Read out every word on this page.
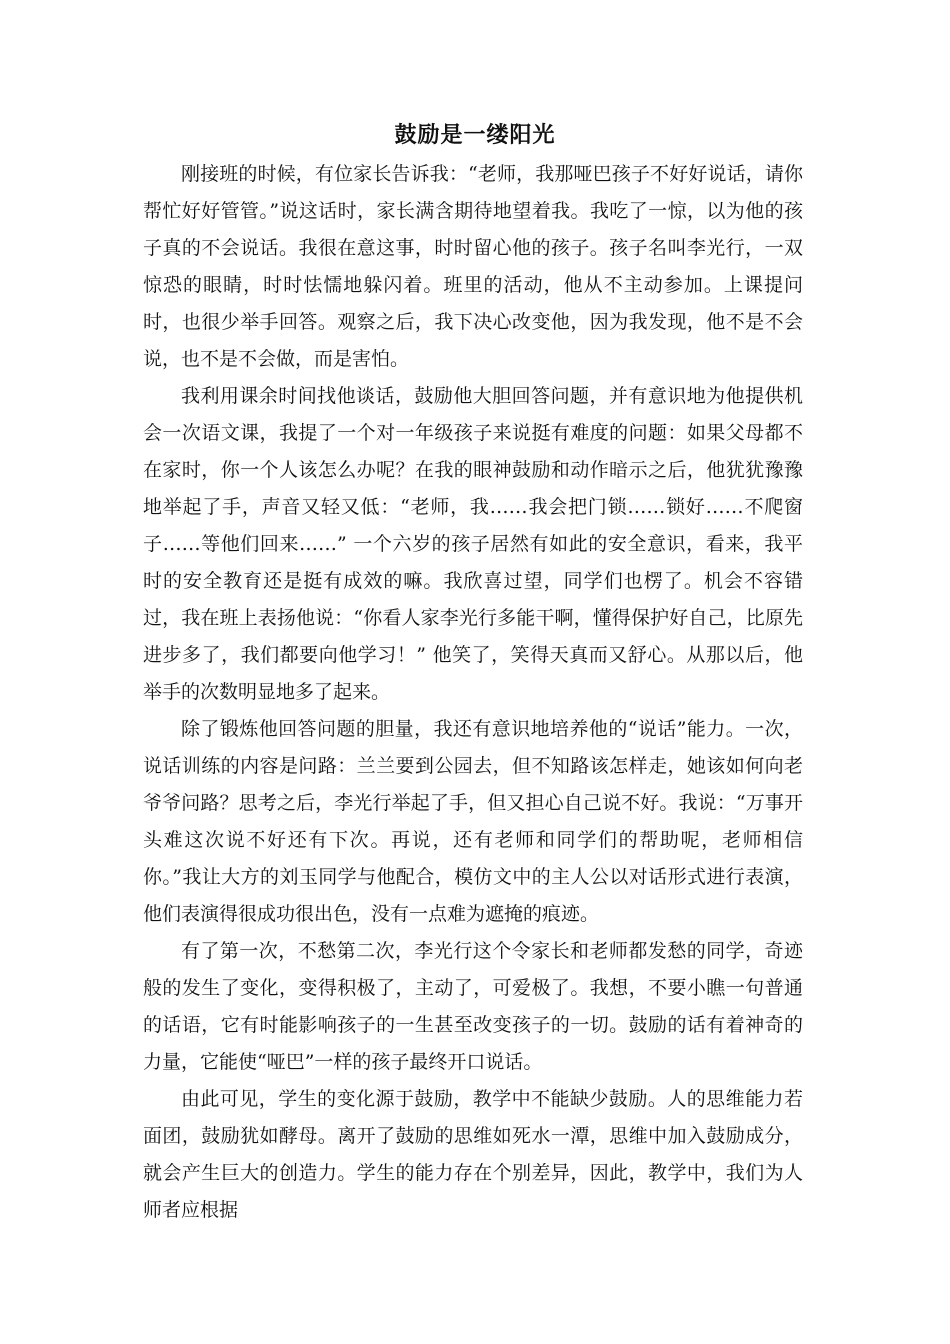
鼓励是一缕阳光

刚接班的时候，有位家长告诉我：“老师，我那哑巴孩子不好好说话，请你帮忙好好管管。”说这话时，家长满含期待地望着我。我吃了一惊，以为他的孩子真的不会说话。我很在意这事，时时留心他的孩子。孩子名叫李光行，一双惊恐的眼睛，时时怯懦地躲闪着。班里的活动，他从不主动参加。上课提问时，也很少举手回答。观察之后，我下决心改变他，因为我发现，他不是不会说，也不是不会做，而是害怕。

我利用课余时间找他谈话，鼓励他大胆回答问题，并有意识地为他提供机会一次语文课，我提了一个对一年级孩子来说挺有难度的问题：如果父母都不在家时，你一个人该怎么办呢？在我的眼神鼓励和动作暗示之后，他犹犹豫豫地举起了手，声音又轻又低：“老师，我……我会把门锁……锁好……不爬窗子……等他们回来……” 一个六岁的孩子居然有如此的安全意识，看来，我平时的安全教育还是挺有成效的嘛。我欣喜过望，同学们也楞了。机会不容错过，我在班上表扬他说：“你看人家李光行多能干啊，懂得保护好自己，比原先进步多了，我们都要向他学习！” 他笑了，笑得天真而又舒心。从那以后，他举手的次数明显地多了起来。

除了锻炼他回答问题的胆量，我还有意识地培养他的“说话”能力。一次，说话训练的内容是问路：兰兰要到公园去，但不知路该怎样走，她该如何向老爷爷问路？思考之后，李光行举起了手，但又担心自己说不好。我说：“万事开头难这次说不好还有下次。再说，还有老师和同学们的帮助呢，老师相信你。”我让大方的刘玉同学与他配合，模仿文中的主人公以对话形式进行表演，他们表演得很成功很出色，没有一点难为遮掩的痕迹。

有了第一次，不愁第二次，李光行这个令家长和老师都发愁的同学，奇迹般的发生了变化，变得积极了，主动了，可爱极了。我想，不要小瞧一句普通的话语，它有时能影响孩子的一生甚至改变孩子的一切。鼓励的话有着神奇的力量，它能使“哑巴”一样的孩子最终开口说话。

由此可见，学生的变化源于鼓励，教学中不能缺少鼓励。人的思维能力若面团，鼓励犹如酵母。离开了鼓励的思维如死水一潭，思维中加入鼓励成分，就会产生巨大的创造力。学生的能力存在个别差异，因此，教学中，我们为人师者应根据
